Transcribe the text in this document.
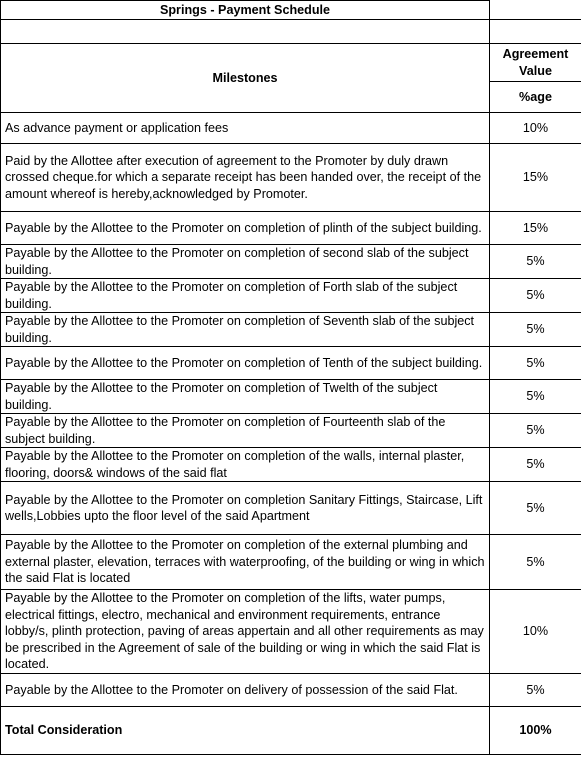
Springs - Payment Schedule	

Milestones	Agreement Value
	%age
As advance payment or application fees	10%
Paid by the Allottee after execution of agreement to the Promoter by duly drawn crossed cheque.for which a separate receipt has been handed over, the receipt of the amount whereof is hereby,acknowledged by Promoter.	15%
Payable by the Allottee to the Promoter on completion of plinth of the subject building.	15%
Payable by the Allottee to the Promoter on completion of second slab of the subject building.	5%
Payable by the Allottee to the Promoter on completion of Forth slab of the subject building.	5%
Payable by the Allottee to the Promoter on completion of Seventh slab of the subject building.	5%
Payable by the Allottee to the Promoter on completion of Tenth of the subject building.	5%
Payable by the Allottee to the Promoter on completion of Twelth of the subject building.	5%
Payable by the Allottee to the Promoter on completion of Fourteenth slab of the subject building.	5%
Payable by the Allottee to the Promoter on completion of the walls, internal plaster, flooring, doors& windows of the said flat	5%
Payable by the Allottee to the Promoter on completion Sanitary Fittings, Staircase, Lift wells,Lobbies upto the floor level of the said Apartment	5%
Payable by the Allottee to the Promoter on completion of the external plumbing and external plaster, elevation, terraces with waterproofing, of the building or wing in which the said Flat is located	5%
Payable by the Allottee to the Promoter on completion of the lifts, water pumps, electrical fittings, electro, mechanical and environment requirements, entrance lobby/s, plinth protection, paving of areas appertain and all other requirements as may be prescribed in the Agreement of sale of the building or wing in which the said Flat is located.	10%
Payable by the Allottee to the Promoter on delivery of possession of the said Flat.	5%
Total Consideration	100%
